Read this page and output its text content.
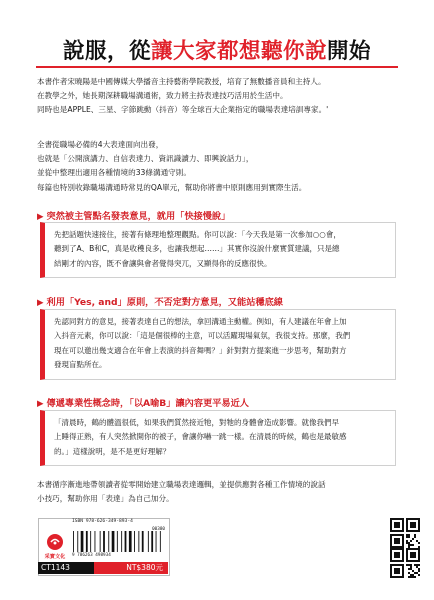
說服，從讓大家都想聽你說開始
本書作者宋曉陽是中國傳媒大學播音主持藝術學院教授，培育了無數播音員和主持人。
在教學之外，她長期深耕職場溝通術，致力將主持表達技巧活用於生活中。
同時也是APPLE、三星、字節跳動（抖音）等全球百大企業指定的職場表達培訓專家。'
全書從職場必備的4大表達面向出發，
也就是「公開演講力、自信表達力、資訊識讀力、即興說話力」，
並從中整理出適用各種情境的33條溝通守則。
每篇也特別收錄職場溝通時常見的QA單元，幫助你將書中原則應用到實際生活。
▶ 突然被主管點名發表意見，就用「快接慢說」
先把話題快速接住，接著有條理地整理觀點。你可以說：「今天我是第一次參加○○會，
聽到了A、B和C，真是收穫良多，也讓我想起……」其實你沒說什麼實質建議，只是總
結剛才的內容，既不會讓與會者覺得突兀，又顯得你的反應很快。
▶ 利用「Yes, and」原則，不否定對方意見，又能站穩底線
先認同對方的意見，接著表達自己的想法，拿回溝通主動權。例如，有人建議在年會上加
入抖音元素，你可以說：「這是個很棒的主意，可以活躍現場氣氛，我很支持。那麼，我們
現在可以邀出幾支適合在年會上表演的抖音舞嗎？」針對對方提案進一步思考，幫助對方
發現盲點所在。
▶ 傳遞專業性概念時，「以A喻B」讓內容更平易近人
「清晨時，鶴的體溫很低，如果我們質然接近牠，對牠的身體會造成影響。就像我們早
上睡得正熟，有人突然掀開你的被子，會讓你嚇一跳一樣。在清晨的時候，鶴也是最敏感
的。」這樣說明，是不是更好理解？
本書循序漸進地帶領讀者從零開始建立職場表達邏輯，並提供應對各種工作情境的說話
小技巧，幫助你用「表達」為自己加分。
采實文化
ISBN 978-626-349-893-4
00380
9 786263 498934
CT1143	NT$380元
